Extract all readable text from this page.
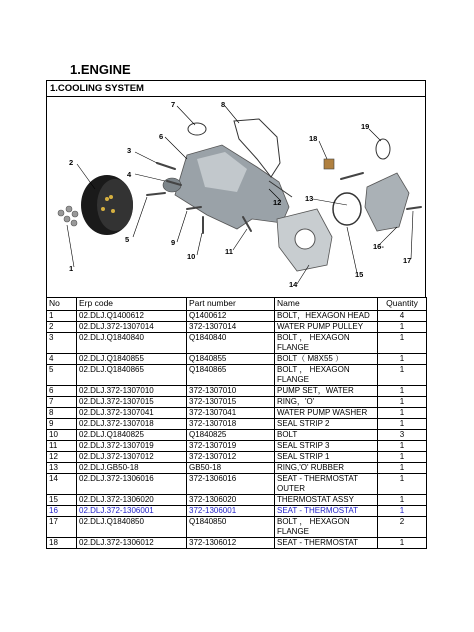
1.ENGINE
1.COOLING SYSTEM
1
2
3
4
5
6
7	8
9
10
11
12	13
14
15
16-
17
18
19
No	Erp code	Part number	Name	Quantity
1	02.DLJ.Q1400612	Q1400612	BOLT，HEXAGON HEAD	4
2	02.DLJ.372-1307014	372-1307014	WATER PUMP PULLEY	1
3	02.DLJ.Q1840840	Q1840840	BOLT ， HEXAGON FLANGE	1
4	02.DLJ.Q1840855	Q1840855	BOLT（ M8X55 ）	1
5	02.DLJ.Q1840865	Q1840865	BOLT ， HEXAGON FLANGE	1
6	02.DLJ.372-1307010	372-1307010	PUMP SET，WATER	1
7	02.DLJ.372-1307015	372-1307015	RING，'O'	1
8	02.DLJ.372-1307041	372-1307041	WATER PUMP WASHER	1
9	02.DLJ.372-1307018	372-1307018	SEAL STRIP 2	1
10	02.DLJ.Q1840825	Q1840825	BOLT	3
11	02.DLJ.372-1307019	372-1307019	SEAL STRIP 3	1
12	02.DLJ.372-1307012	372-1307012	SEAL STRIP 1	1
13	02.DLJ.GB50-18	GB50-18	RING,'O' RUBBER	1
14	02.DLJ.372-1306016	372-1306016	SEAT - THERMOSTAT OUTER	1
15	02.DLJ.372-1306020	372-1306020	THERMOSTAT ASSY	1
16	02.DLJ.372-1306001	372-1306001	SEAT - THERMOSTAT	1
17	02.DLJ.Q1840850	Q1840850	BOLT ， HEXAGON FLANGE	2
18	02.DLJ.372-1306012	372-1306012	SEAT - THERMOSTAT	1
